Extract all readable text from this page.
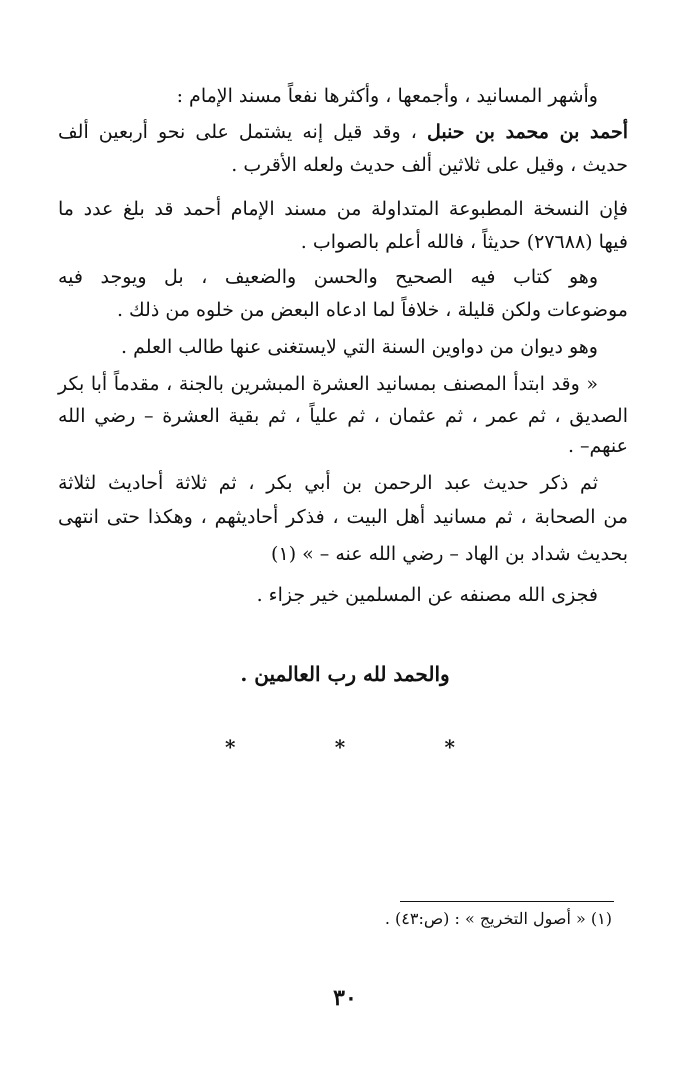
وأشهر المسانيد ، وأجمعها ، وأكثرها نفعاً مسند الإمام :
أحمد بن محمد بن حنبل ، وقد قيل إنه يشتمل على نحو أربعين ألف
حديث ، وقيل على ثلاثين ألف حديث ولعله الأقرب .
فإن النسخة المطبوعة المتداولة من مسند الإمام أحمد قد بلغ عدد ما
فيها (٢٧٦٨٨) حديثاً ، فالله أعلم بالصواب .
وهو كتاب فيه الصحيح والحسن والضعيف ، بل ويوجد فيه
موضوعات ولكن قليلة ، خلافاً لما ادعاه البعض من خلوه من ذلك .
وهو ديوان من دواوين السنة التي لايستغنى عنها طالب العلم .
« وقد ابتدأ المصنف بمسانيد العشرة المبشرين بالجنة ، مقدماً أبا بكر
الصديق ، ثم عمر ، ثم عثمان ، ثم علياً ، ثم بقية العشرة – رضي الله
عنهم– .
ثم ذكر حديث عبد الرحمن بن أبي بكر ، ثم ثلاثة أحاديث لثلاثة
من الصحابة ، ثم مسانيد أهل البيت ، فذكر أحاديثهم ، وهكذا حتى انتهى
بحديث شداد بن الهاد – رضي الله عنه – » (١)
فجزى الله مصنفه عن المسلمين خير جزاء .
والحمد لله رب العالمين .
*	*	*
(١) « أصول التخريج » : (ص:٤٣) .
٣٠
